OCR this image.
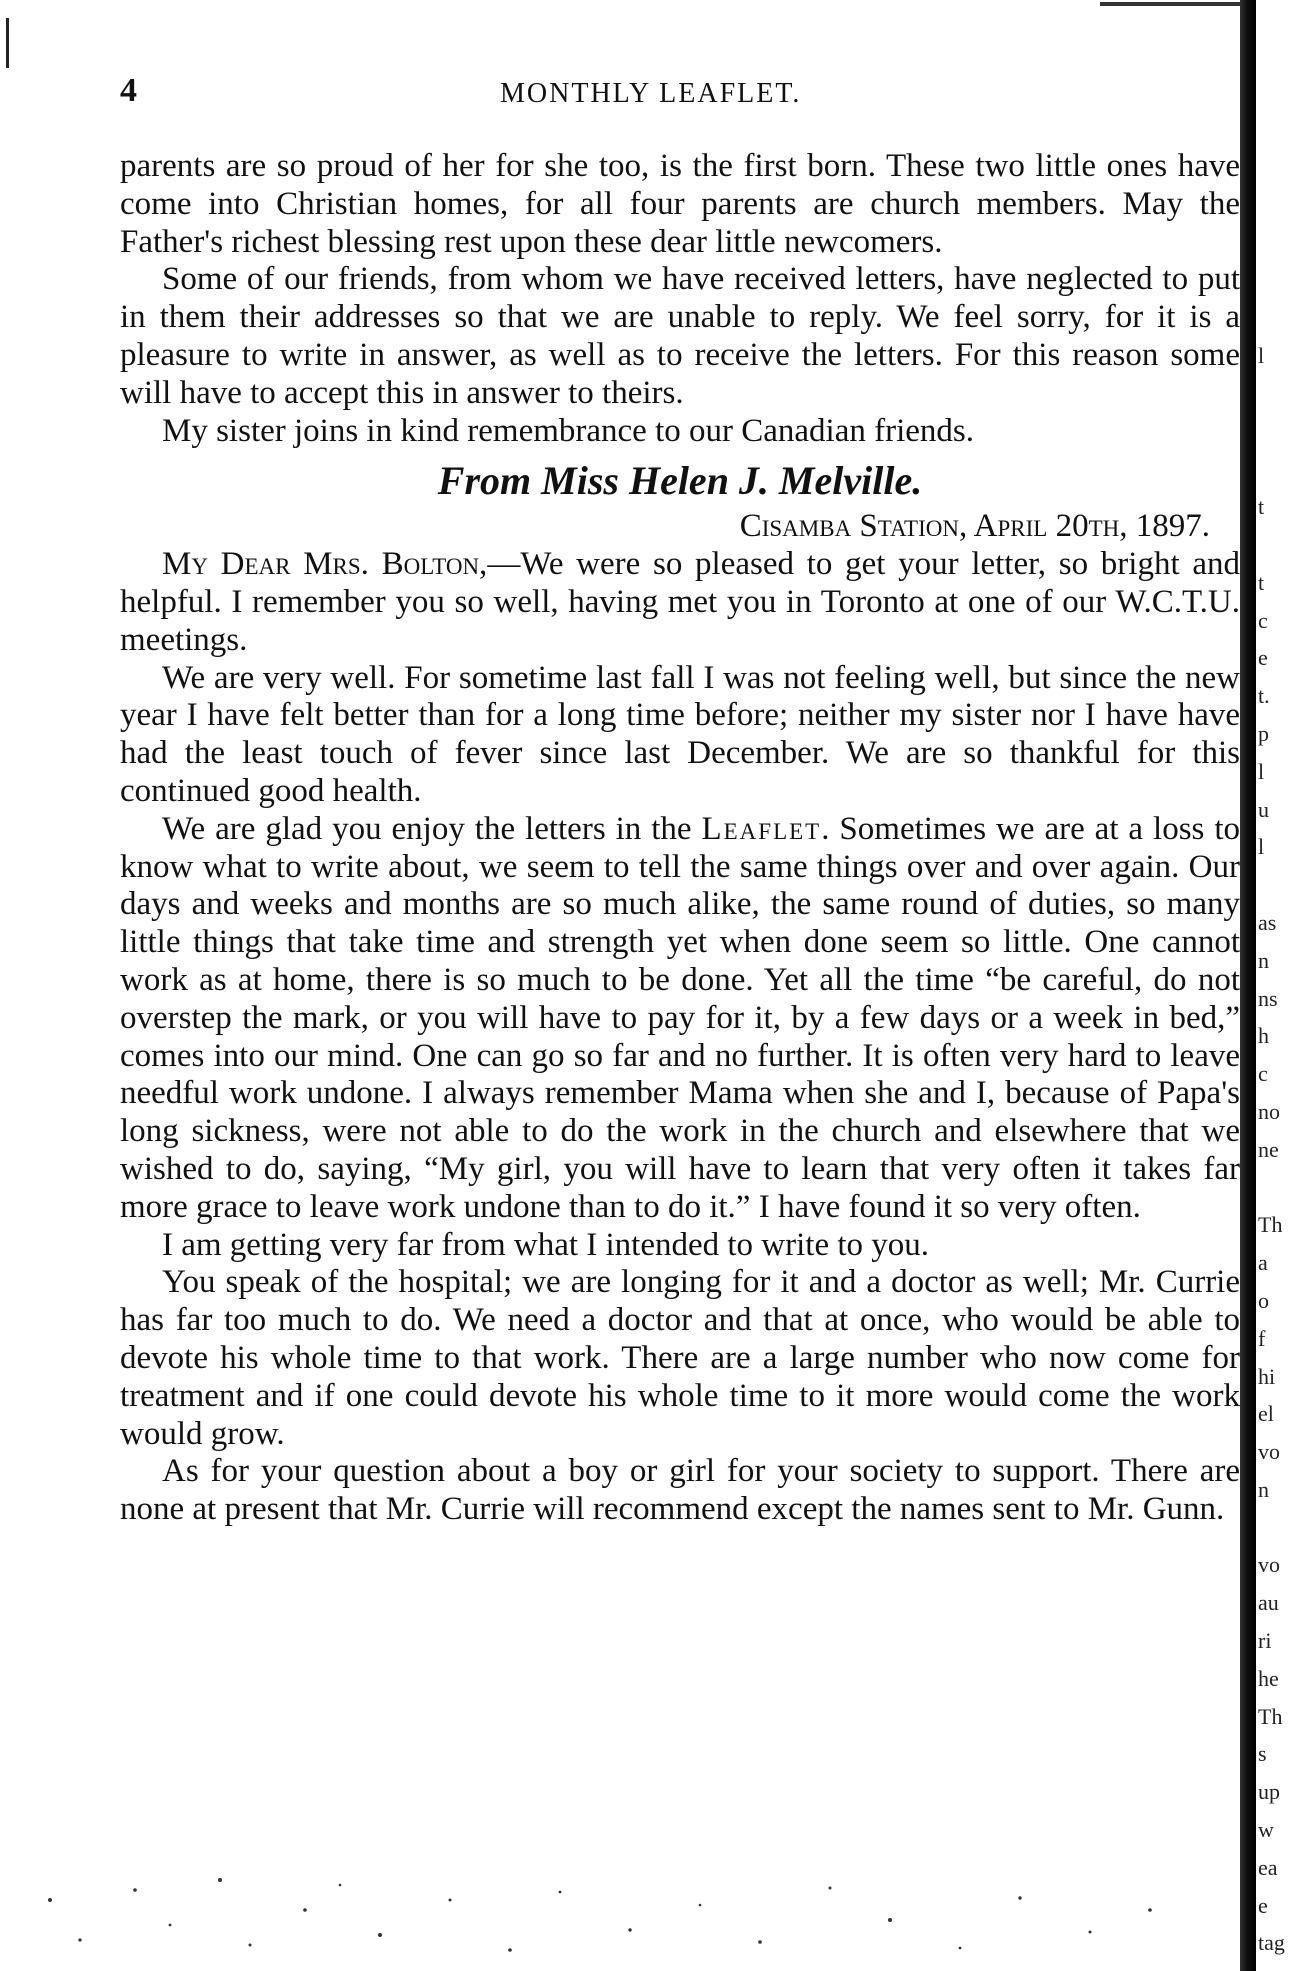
4	MONTHLY LEAFLET.

parents are so proud of her for she too, is the first born. These two little ones have come into Christian homes, for all four parents are church members. May the Father's richest blessing rest upon these dear little newcomers.

Some of our friends, from whom we have received letters, have neglected to put in them their addresses so that we are unable to reply. We feel sorry, for it is a pleasure to write in answer, as well as to receive the letters. For this reason some will have to accept this in answer to theirs.

My sister joins in kind remembrance to our Canadian friends.

From Miss Helen J. Melville.

Cisamba Station, April 20th, 1897.

My Dear Mrs. Bolton,—We were so pleased to get your letter, so bright and helpful. I remember you so well, having met you in Toronto at one of our W.C.T.U. meetings.

We are very well. For sometime last fall I was not feeling well, but since the new year I have felt better than for a long time before; neither my sister nor I have have had the least touch of fever since last December. We are so thankful for this continued good health.

We are glad you enjoy the letters in the Leaflet. Sometimes we are at a loss to know what to write about, we seem to tell the same things over and over again. Our days and weeks and months are so much alike, the same round of duties, so many little things that take time and strength yet when done seem so little. One cannot work as at home, there is so much to be done. Yet all the time “be careful, do not overstep the mark, or you will have to pay for it, by a few days or a week in bed,” comes into our mind. One can go so far and no further. It is often very hard to leave needful work undone. I always remember Mama when she and I, because of Papa's long sickness, were not able to do the work in the church and elsewhere that we wished to do, saying, “My girl, you will have to learn that very often it takes far more grace to leave work undone than to do it.” I have found it so very often.

I am getting very far from what I intended to write to you.

You speak of the hospital; we are longing for it and a doctor as well; Mr. Currie has far too much to do. We need a doctor and that at once, who would be able to devote his whole time to that work. There are a large number who now come for treatment and if one could devote his whole time to it more would come the work would grow.

As for your question about a boy or girl for your society to support. There are none at present that Mr. Currie will recommend except the names sent to Mr. Gunn.

l
t
t
c
e
t.
p
l
u
l
as
n
ns
h
c
no
ne
Th
a
o
f
hi
el
vo
n
vo
au
ri
he
Th
s
up
w
ea
e
tag
